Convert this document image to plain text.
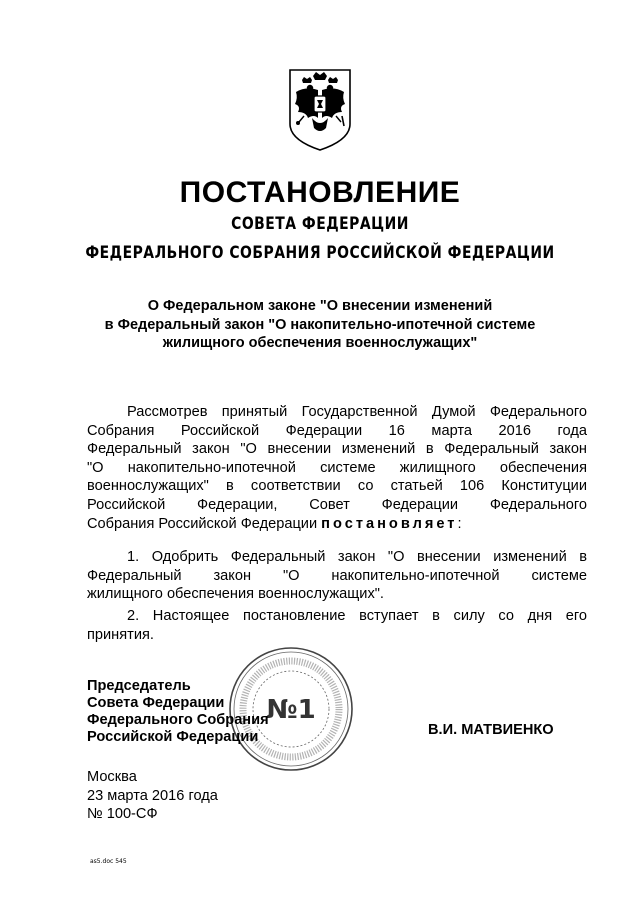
ПОСТАНОВЛЕНИЕ
СОВЕТА ФЕДЕРАЦИИ
ФЕДЕРАЛЬНОГО СОБРАНИЯ РОССИЙСКОЙ ФЕДЕРАЦИИ
О Федеральном законе "О внесении изменений
в Федеральный закон "О накопительно-ипотечной системе
жилищного обеспечения военнослужащих"
Рассмотрев принятый Государственной Думой Федерального
Собрания Российской Федерации 16 марта 2016 года
Федеральный закон "О внесении изменений в Федеральный закон
"О накопительно-ипотечной системе жилищного обеспечения
военнослужащих" в соответствии со статьей 106 Конституции
Российской Федерации, Совет Федерации Федерального
Собрания Российской Федерации постановляет:
1. Одобрить Федеральный закон "О внесении изменений в
Федеральный закон "О накопительно-ипотечной системе
жилищного обеспечения военнослужащих".
2. Настоящее постановление вступает в силу со дня его
принятия.
№1
Председатель
Совета Федерации
Федерального Собрания
Российской Федерации	В.И. МАТВИЕНКО
Москва
23 марта 2016 года
№ 100-СФ
as5.doc 545
